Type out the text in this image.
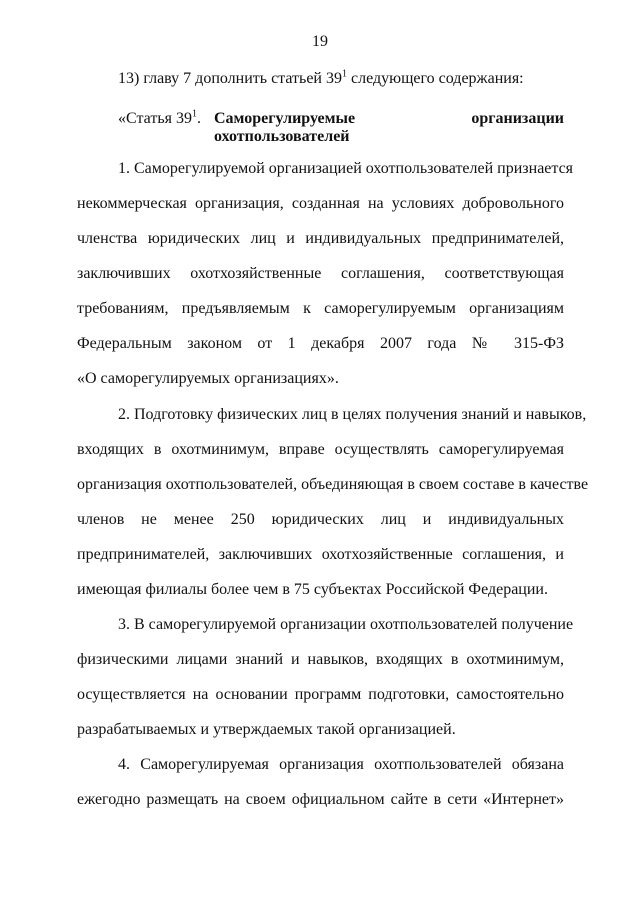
19
13) главу 7 дополнить статьей $39^1$ следующего содержания:
«Статья $39^1$. Саморегулируемые	организации
охотпользователей
1. Саморегулируемой организацией охотпользователей признается
некоммерческая организация, созданная на условиях добровольного
членства юридических лиц и индивидуальных предпринимателей,
заключивших охотхозяйственные соглашения, соответствующая
требованиям, предъявляемым к саморегулируемым организациям
Федеральным законом от 1 декабря 2007 года № 315-ФЗ
«О саморегулируемых организациях».
2. Подготовку физических лиц в целях получения знаний и навыков,
входящих в охотминимум, вправе осуществлять саморегулируемая
организация охотпользователей, объединяющая в своем составе в качестве
членов не менее 250 юридических лиц и индивидуальных
предпринимателей, заключивших охотхозяйственные соглашения, и
имеющая филиалы более чем в 75 субъектах Российской Федерации.
3. В саморегулируемой организации охотпользователей получение
физическими лицами знаний и навыков, входящих в охотминимум,
осуществляется на основании программ подготовки, самостоятельно
разрабатываемых и утверждаемых такой организацией.
4. Саморегулируемая организация охотпользователей обязана
ежегодно размещать на своем официальном сайте в сети «Интернет»
